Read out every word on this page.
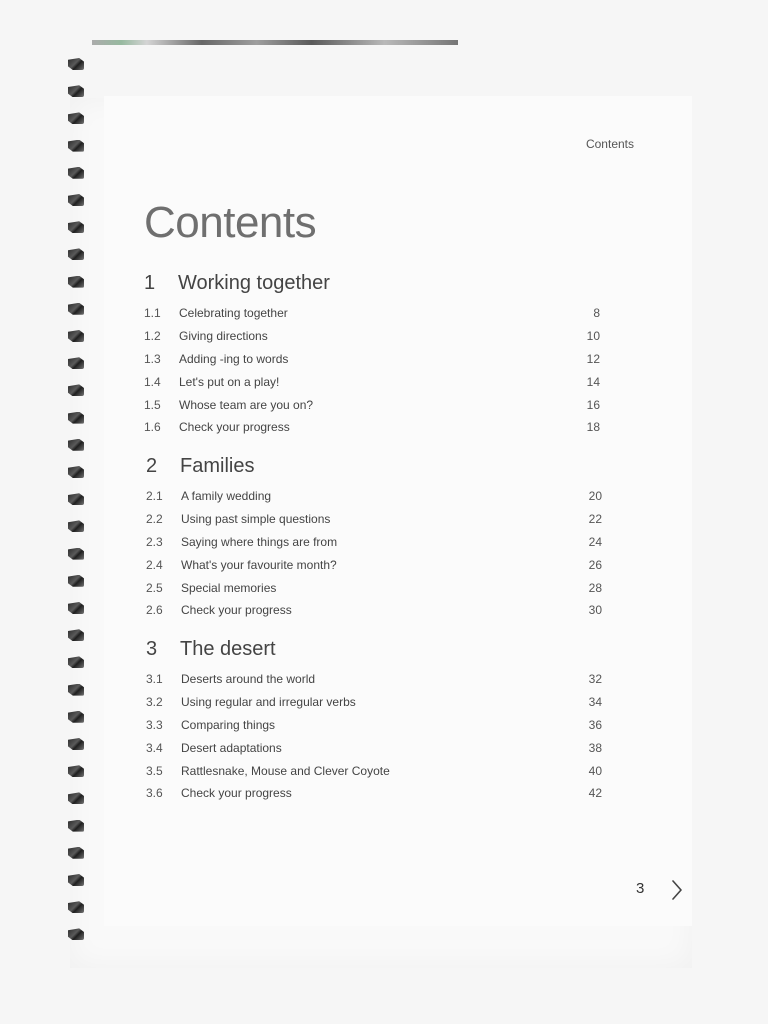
Contents
Contents
1	Working together
1.1	Celebrating together	8
1.2	Giving directions	10
1.3	Adding -ing to words	12
1.4	Let's put on a play!	14
1.5	Whose team are you on?	16
1.6	Check your progress	18
2	Families
2.1	A family wedding	20
2.2	Using past simple questions	22
2.3	Saying where things are from	24
2.4	What's your favourite month?	26
2.5	Special memories	28
2.6	Check your progress	30
3	The desert
3.1	Deserts around the world	32
3.2	Using regular and irregular verbs	34
3.3	Comparing things	36
3.4	Desert adaptations	38
3.5	Rattlesnake, Mouse and Clever Coyote	40
3.6	Check your progress	42
3
